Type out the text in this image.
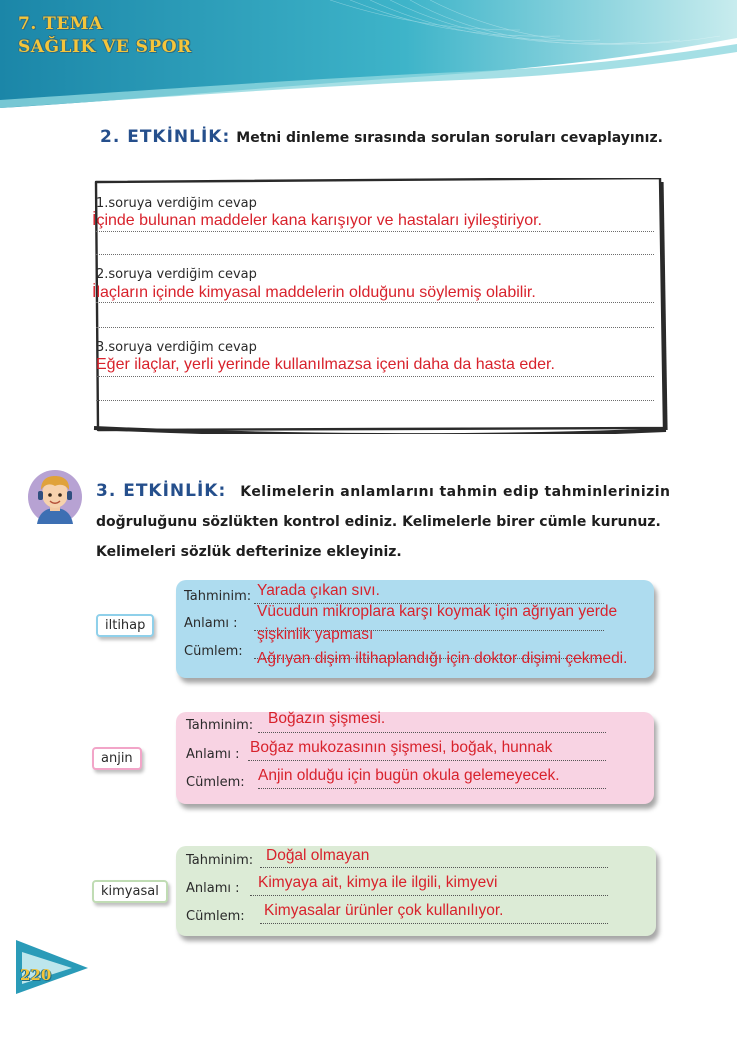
7. TEMA
SAĞLIK VE SPOR
2. ETKİNLİK: Metni dinleme sırasında sorulan soruları cevaplayınız.
1.soruya verdiğim cevap
İçinde bulunan maddeler kana karışıyor ve hastaları iyileştiriyor.
2.soruya verdiğim cevap
İlaçların içinde kimyasal maddelerin olduğunu söylemiş olabilir.
3.soruya verdiğim cevap
Eğer ilaçlar, yerli yerinde kullanılmazsa içeni daha da hasta eder.
3. ETKİNLİK: Kelimelerin anlamlarını tahmin edip tahminlerinizin
doğruluğunu sözlükten kontrol ediniz. Kelimelerle birer cümle kurunuz.
Kelimeleri sözlük defterinize ekleyiniz.
iltihap
Tahminim:
Anlamı :
Cümlem:
Yarada çıkan sıvı.
Vücudun mikroplara karşı koymak için ağrıyan yerde
şişkinlik yapması
Ağrıyan dişim iltihaplandığı için doktor dişimi çekmedi.
anjin
Tahminim:
Anlamı :
Cümlem:
Boğazın şişmesi.
Boğaz mukozasının şişmesi, boğak, hunnak
Anjin olduğu için bugün okula gelemeyecek.
kimyasal
Tahminim:
Anlamı :
Cümlem:
Doğal olmayan
Kimyaya ait, kimya ile ilgili, kimyevi
Kimyasalar ürünler çok kullanılıyor.
220
